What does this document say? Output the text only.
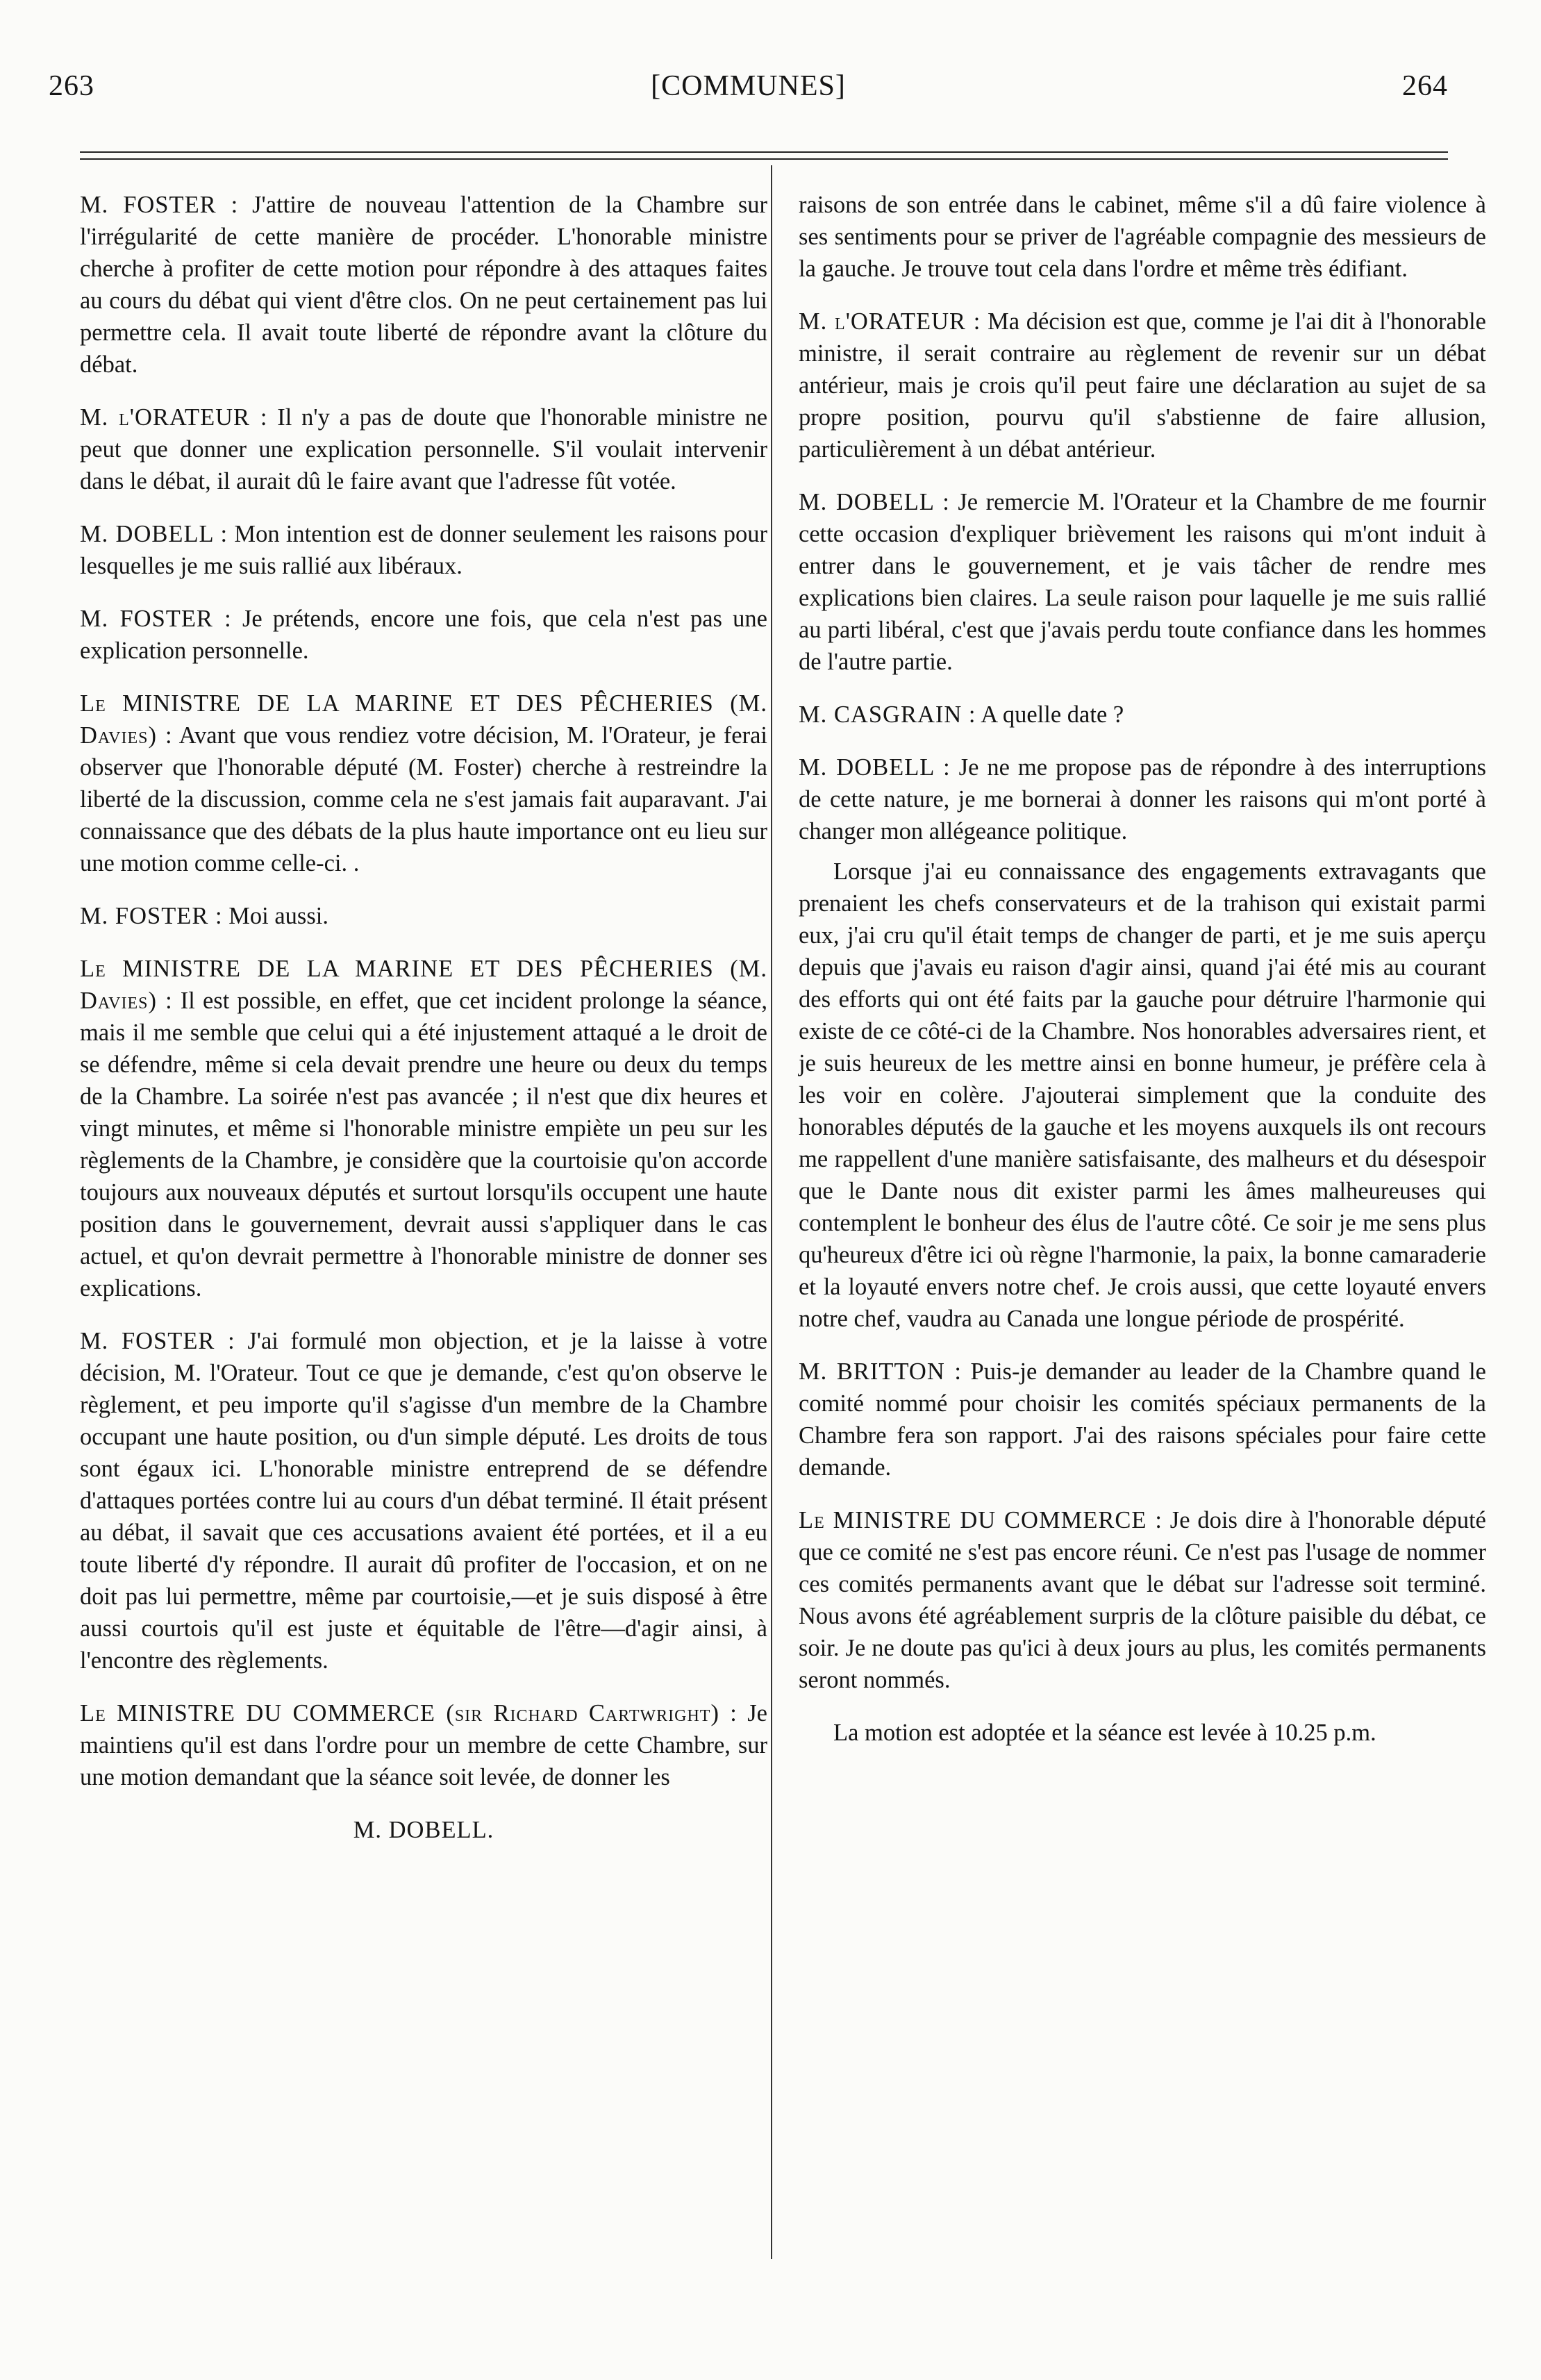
263	[COMMUNES]	264

M. FOSTER : J'attire de nouveau l'attention de la Chambre sur l'irrégularité de cette manière de procéder. L'honorable ministre cherche à profiter de cette motion pour répondre à des attaques faites au cours du débat qui vient d'être clos. On ne peut certainement pas lui permettre cela. Il avait toute liberté de répondre avant la clôture du débat.

M. l'ORATEUR : Il n'y a pas de doute que l'honorable ministre ne peut que donner une explication personnelle. S'il voulait intervenir dans le débat, il aurait dû le faire avant que l'adresse fût votée.

M. DOBELL : Mon intention est de donner seulement les raisons pour lesquelles je me suis rallié aux libéraux.

M. FOSTER : Je prétends, encore une fois, que cela n'est pas une explication personnelle.

Le MINISTRE DE LA MARINE ET DES PÊCHERIES (M. Davies) : Avant que vous rendiez votre décision, M. l'Orateur, je ferai observer que l'honorable député (M. Foster) cherche à restreindre la liberté de la discussion, comme cela ne s'est jamais fait auparavant. J'ai connaissance que des débats de la plus haute importance ont eu lieu sur une motion comme celle-ci. .

M. FOSTER : Moi aussi.

Le MINISTRE DE LA MARINE ET DES PÊCHERIES (M. Davies) : Il est possible, en effet, que cet incident prolonge la séance, mais il me semble que celui qui a été injustement attaqué a le droit de se défendre, même si cela devait prendre une heure ou deux du temps de la Chambre. La soirée n'est pas avancée ; il n'est que dix heures et vingt minutes, et même si l'honorable ministre empiète un peu sur les règlements de la Chambre, je considère que la courtoisie qu'on accorde toujours aux nouveaux députés et surtout lorsqu'ils occupent une haute position dans le gouvernement, devrait aussi s'appliquer dans le cas actuel, et qu'on devrait permettre à l'honorable ministre de donner ses explications.

M. FOSTER : J'ai formulé mon objection, et je la laisse à votre décision, M. l'Orateur. Tout ce que je demande, c'est qu'on observe le règlement, et peu importe qu'il s'agisse d'un membre de la Chambre occupant une haute position, ou d'un simple député. Les droits de tous sont égaux ici. L'honorable ministre entreprend de se défendre d'attaques portées contre lui au cours d'un débat terminé. Il était présent au débat, il savait que ces accusations avaient été portées, et il a eu toute liberté d'y répondre. Il aurait dû profiter de l'occasion, et on ne doit pas lui permettre, même par courtoisie,—et je suis disposé à être aussi courtois qu'il est juste et équitable de l'être—d'agir ainsi, à l'encontre des règlements.

Le MINISTRE DU COMMERCE (sir Richard Cartwright) : Je maintiens qu'il est dans l'ordre pour un membre de cette Chambre, sur une motion demandant que la séance soit levée, de donner les

M. DOBELL.

raisons de son entrée dans le cabinet, même s'il a dû faire violence à ses sentiments pour se priver de l'agréable compagnie des messieurs de la gauche. Je trouve tout cela dans l'ordre et même très édifiant.

M. l'ORATEUR : Ma décision est que, comme je l'ai dit à l'honorable ministre, il serait contraire au règlement de revenir sur un débat antérieur, mais je crois qu'il peut faire une déclaration au sujet de sa propre position, pourvu qu'il s'abstienne de faire allusion, particulièrement à un débat antérieur.

M. DOBELL : Je remercie M. l'Orateur et la Chambre de me fournir cette occasion d'expliquer brièvement les raisons qui m'ont induit à entrer dans le gouvernement, et je vais tâcher de rendre mes explications bien claires. La seule raison pour laquelle je me suis rallié au parti libéral, c'est que j'avais perdu toute confiance dans les hommes de l'autre partie.

M. CASGRAIN : A quelle date ?

M. DOBELL : Je ne me propose pas de répondre à des interruptions de cette nature, je me bornerai à donner les raisons qui m'ont porté à changer mon allégeance politique.

Lorsque j'ai eu connaissance des engagements extravagants que prenaient les chefs conservateurs et de la trahison qui existait parmi eux, j'ai cru qu'il était temps de changer de parti, et je me suis aperçu depuis que j'avais eu raison d'agir ainsi, quand j'ai été mis au courant des efforts qui ont été faits par la gauche pour détruire l'harmonie qui existe de ce côté-ci de la Chambre. Nos honorables adversaires rient, et je suis heureux de les mettre ainsi en bonne humeur, je préfère cela à les voir en colère. J'ajouterai simplement que la conduite des honorables députés de la gauche et les moyens auxquels ils ont recours me rappellent d'une manière satisfaisante, des malheurs et du désespoir que le Dante nous dit exister parmi les âmes malheureuses qui contemplent le bonheur des élus de l'autre côté. Ce soir je me sens plus qu'heureux d'être ici où règne l'harmonie, la paix, la bonne camaraderie et la loyauté envers notre chef. Je crois aussi, que cette loyauté envers notre chef, vaudra au Canada une longue période de prospérité.

M. BRITTON : Puis-je demander au leader de la Chambre quand le comité nommé pour choisir les comités spéciaux permanents de la Chambre fera son rapport. J'ai des raisons spéciales pour faire cette demande.

Le MINISTRE DU COMMERCE : Je dois dire à l'honorable député que ce comité ne s'est pas encore réuni. Ce n'est pas l'usage de nommer ces comités permanents avant que le débat sur l'adresse soit terminé. Nous avons été agréablement surpris de la clôture paisible du débat, ce soir. Je ne doute pas qu'ici à deux jours au plus, les comités permanents seront nommés.

La motion est adoptée et la séance est levée à 10.25 p.m.
